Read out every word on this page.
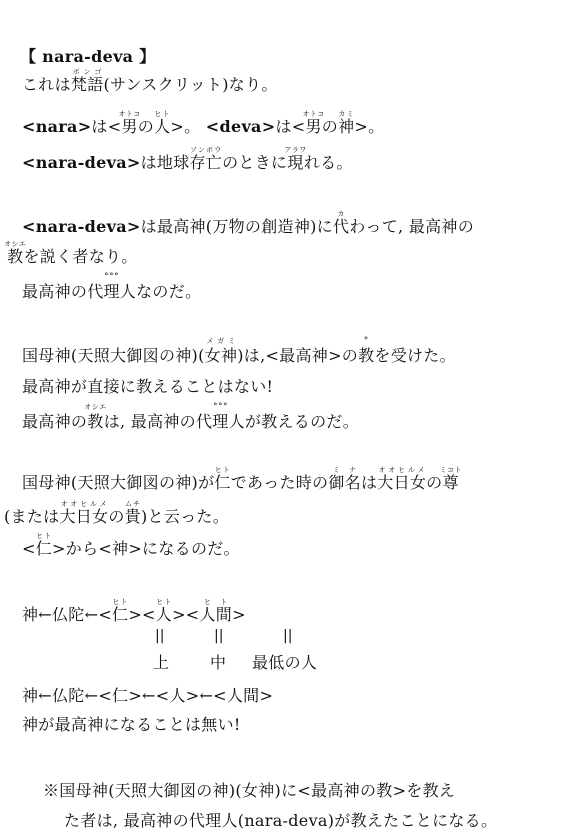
【 nara-deva 】
これは梵語ボンゴ(サンスクリット)なり。
<nara>は<男オトコの人ヒト>。 <deva>は<男オトコの神カミ>。
<nara-deva>は地球存亡ソンボウのときに現アラワれる。
<nara-deva>は最高神(万物の創造神)に代カわって, 最高神の
教オシエを説く者なり。
最高神の代理人°°°なのだ。
国母神(天照大御図の神)(女神メガミ)は,<最高神>の教°を受けた。
最高神が直接に教えることはない!
最高神の教オシエは, 最高神の代理人°°°が教えるのだ。
国母神(天照大御図の神)が仁ヒトであった時の御名ミナは大日女オオヒルメの尊ミコト
(または大日女オオヒルメの貴ムチ)と云った。
<仁ヒト>から<神>になるのだ。
神←仏陀←<仁ヒト><人ヒト><人間ヒト>
||	||	||
上	中 最低の人
神←仏陀←<仁>←<人>←<人間>
神が最高神になることは無い!
※国母神(天照大御図の神)(女神)に<最高神の教>を教え
た者は, 最高神の代理人(nara-deva)が教えたことになる。
